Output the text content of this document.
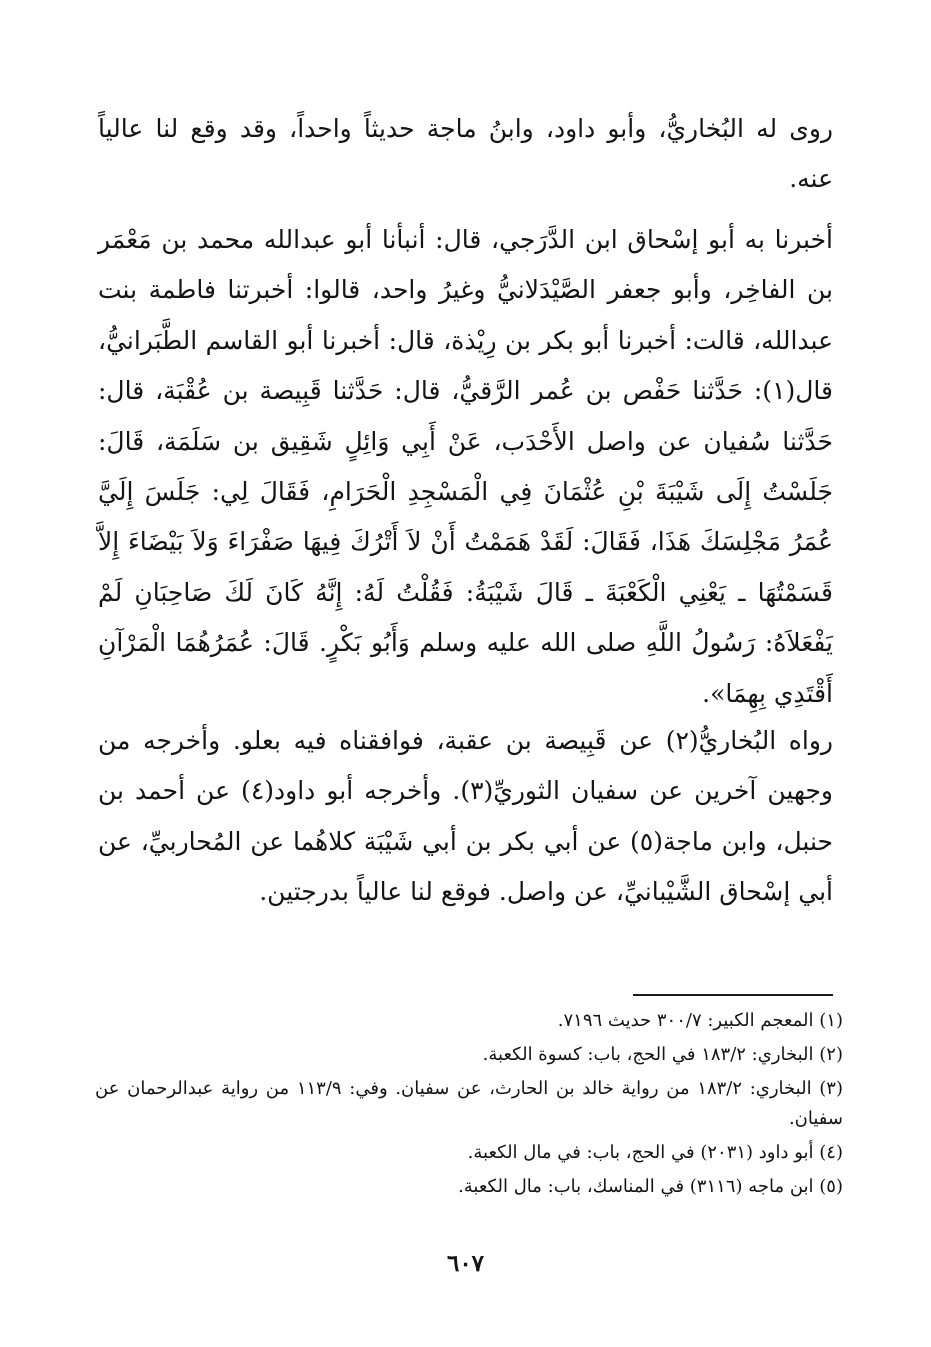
روى له البُخاريُّ، وأبو داود، وابنُ ماجة حديثاً واحداً، وقد وقع لنا عالياً عنه.

أخبرنا به أبو إسْحاق ابن الدَّرَجي، قال: أنبأنا أبو عبدالله محمد بن مَعْمَر بن الفاخِر، وأبو جعفر الصَّيْدَلانيُّ وغيرُ واحد، قالوا: أخبرتنا فاطمة بنت عبدالله، قالت: أخبرنا أبو بكر بن رِيْذة، قال: أخبرنا أبو القاسم الطَّبَرانيُّ، قال(١): حَدَّثنا حَفْص بن عُمر الرَّقيُّ، قال: حَدَّثنا قَبِيصة بن عُقْبَة، قال: حَدَّثنا سُفيان عن واصل الأَحْدَب، عَنْ أَبِي وَائِلٍ شَقِيق بن سَلَمَة، قَالَ: جَلَسْتُ إِلَى شَيْبَةَ بْنِ عُثْمَانَ فِي الْمَسْجِدِ الْحَرَامِ، فَقَالَ لِي: جَلَسَ إِلَيَّ عُمَرُ مَجْلِسَكَ هَذَا، فَقَالَ: لَقَدْ هَمَمْتُ أَنْ لاَ أَتْرُكَ فِيهَا صَفْرَاءَ وَلاَ بَيْضَاءَ إِلاَّ قَسَمْتُهَا ـ يَعْنِي الْكَعْبَةَ ـ قَالَ شَيْبَةُ: فَقُلْتُ لَهُ: إِنَّهُ كَانَ لَكَ صَاحِبَانِ لَمْ يَفْعَلاَهُ: رَسُولُ اللَّهِ صلى الله عليه وسلم وَأَبُو بَكْرٍ. قَالَ: عُمَرُهُمَا الْمَرْآنِ أَقْتَدِي بِهِمَا».

رواه البُخاريُّ(٢) عن قَبِيصة بن عقبة، فوافقناه فيه بعلو. وأخرجه من وجهين آخرين عن سفيان الثوريِّ(٣). وأخرجه أبو داود(٤) عن أحمد بن حنبل، وابن ماجة(٥) عن أبي بكر بن أبي شَيْبَة كلاهُما عن المُحاربيِّ، عن أبي إسْحاق الشَّيْبانيِّ، عن واصل. فوقع لنا عالياً بدرجتين.

(١) المعجم الكبير: ٣٠٠/٧ حديث ٧١٩٦.
(٢) البخاري: ١٨٣/٢ في الحج، باب: كسوة الكعبة.
(٣) البخاري: ١٨٣/٢ من رواية خالد بن الحارث، عن سفيان. وفي: ١١٣/٩ من رواية عبدالرحمان عن سفيان.
(٤) أبو داود (٢٠٣١) في الحج، باب: في مال الكعبة.
(٥) ابن ماجه (٣١١٦) في المناسك، باب: مال الكعبة.
٦٠٧
